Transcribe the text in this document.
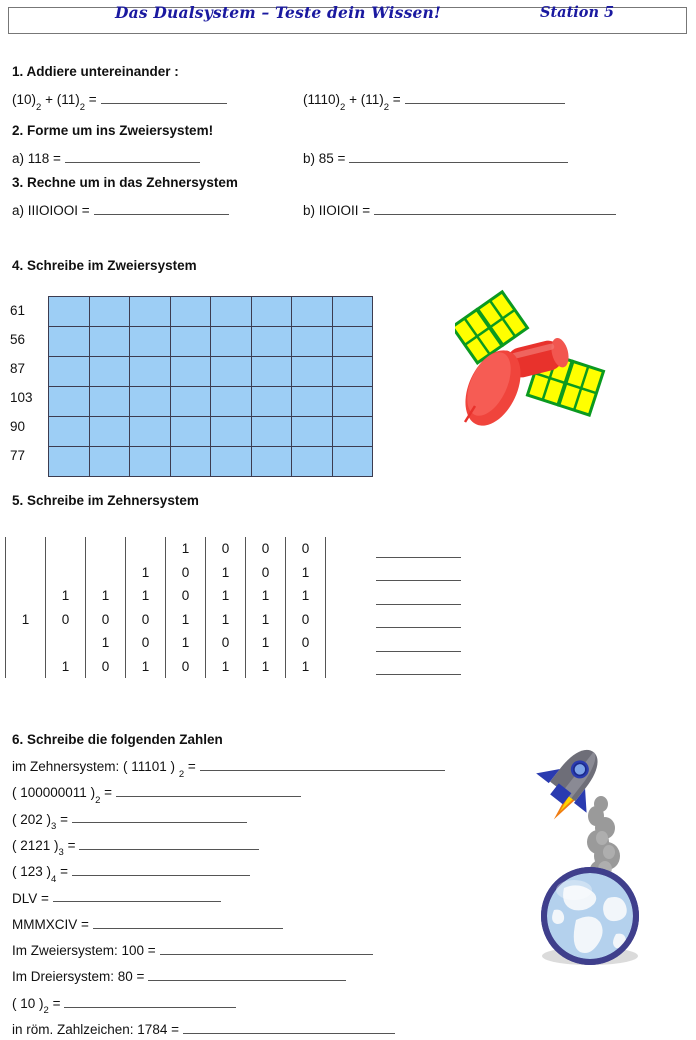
Das Dualsystem – Teste dein Wissen!	Station 5
1. Addiere untereinander :
$(10)_2 + (11)_2$ =	$(1110)_2 + (11)_2$ =
2. Forme um ins Zweiersystem!
a) 118 =	b) 85 =
3. Rechne um in das Zehnersystem
a) IIIOIOOI =	b) IIOIOII =
4. Schreibe im Zweiersystem
61
56
87
103
90
77

5. Schreibe im Zehnersystem
				1	0	0	0
			1	0	1	0	1
	1	1	1	0	1	1	1
1	0	0	0	1	1	1	0
		1	0	1	0	1	0
	1	0	1	0	1	1	1
6. Schreibe die folgenden Zahlen
im Zehnersystem: ( 11101 ) $_2$ =
( 100000011 )$_2$ =
( 202 )$_3$ =
( 2121 )$_3$ =
( 123 )$_4$ =
DLV =
MMMXCIV =
Im Zweiersystem: 100 =
Im Dreiersystem: 80 =
( 10 )$_2$ =
in röm. Zahlzeichen: 1784 =
